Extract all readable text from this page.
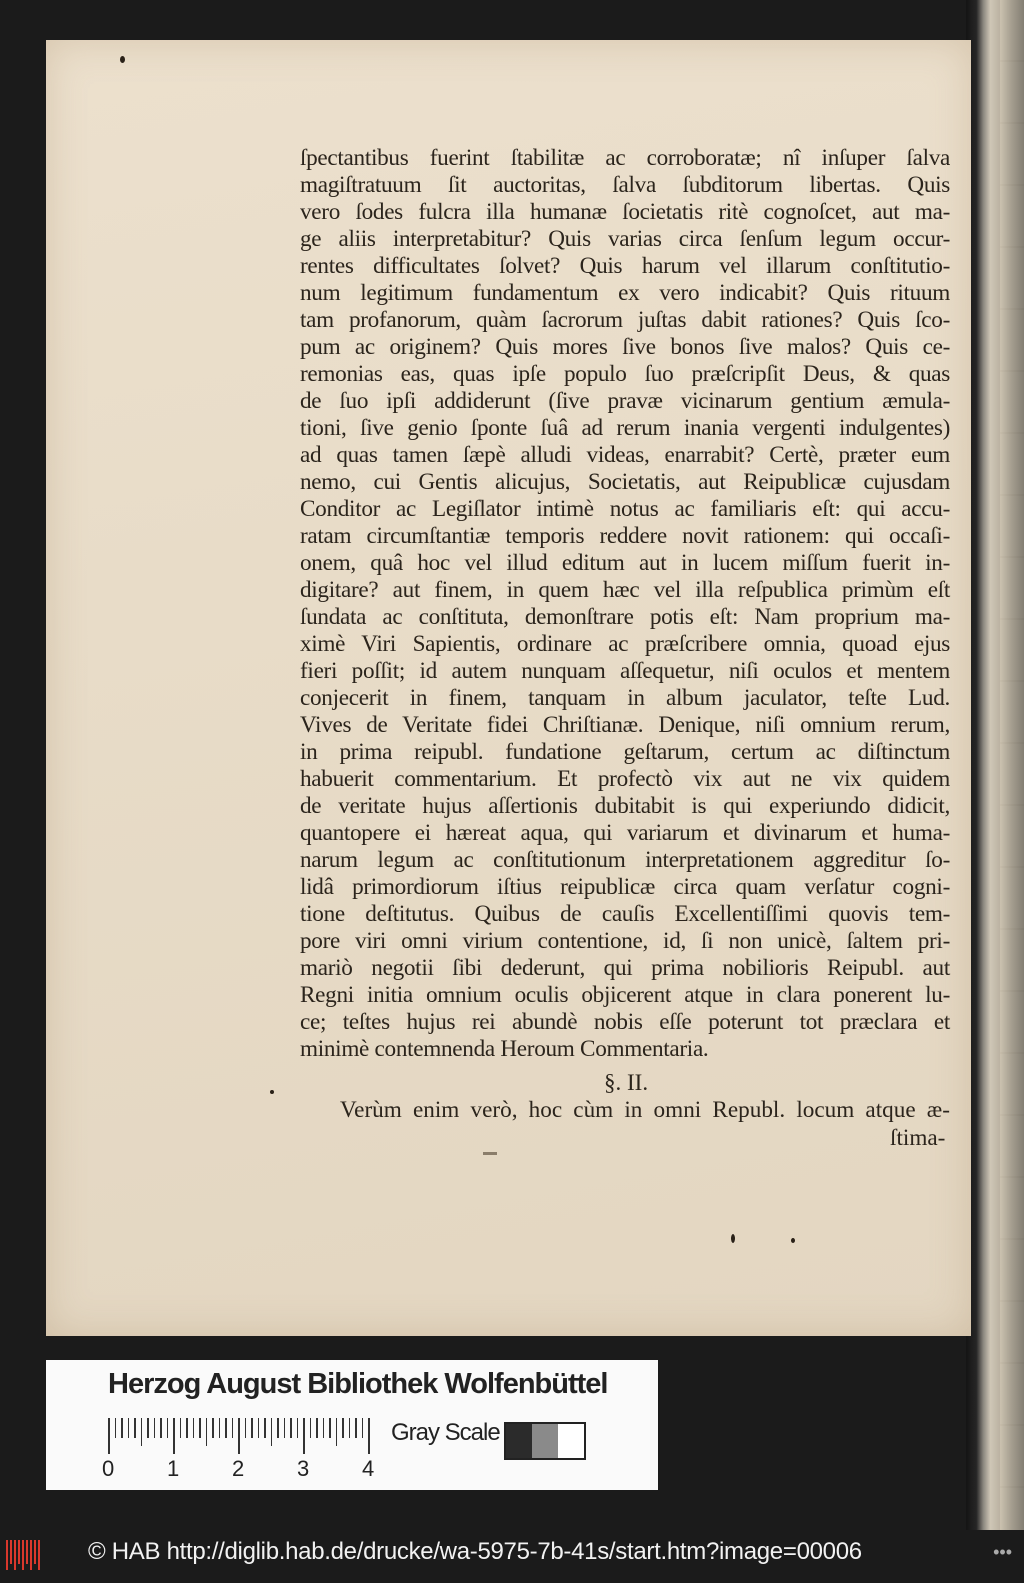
ſpectantibus fuerint ſtabilitæ ac corroboratæ; nî inſuper ſalva
magiſtratuum ſit auctoritas, ſalva ſubditorum libertas. Quis
vero ſodes fulcra illa humanæ ſocietatis ritè cognoſcet, aut ma-
ge aliis interpretabitur? Quis varias circa ſenſum legum occur-
rentes difficultates ſolvet? Quis harum vel illarum conſtitutio-
num legitimum fundamentum ex vero indicabit? Quis rituum
tam profanorum, quàm ſacrorum juſtas dabit rationes? Quis ſco-
pum ac originem? Quis mores ſive bonos ſive malos? Quis ce-
remonias eas, quas ipſe populo ſuo præſcripſit Deus, & quas
de ſuo ipſi addiderunt (ſive pravæ vicinarum gentium æmula-
tioni, ſive genio ſponte ſuâ ad rerum inania vergenti indulgentes)
ad quas tamen ſæpè alludi videas, enarrabit? Certè, præter eum
nemo, cui Gentis alicujus, Societatis, aut Reipublicæ cujusdam
Conditor ac Legiſlator intimè notus ac familiaris eſt: qui accu-
ratam circumſtantiæ temporis reddere novit rationem: qui occaſi-
onem, quâ hoc vel illud editum aut in lucem miſſum fuerit in-
digitare? aut finem, in quem hæc vel illa reſpublica primùm eſt
ſundata ac conſtituta, demonſtrare potis eſt: Nam proprium ma-
ximè Viri Sapientis, ordinare ac præſcribere omnia, quoad ejus
fieri poſſit; id autem nunquam aſſequetur, niſi oculos et mentem
conjecerit in finem, tanquam in album jaculator, teſte Lud.
Vives de Veritate fidei Chriſtianæ. Denique, niſi omnium rerum,
in prima reipubl. fundatione geſtarum, certum ac diſtinctum
habuerit commentarium. Et profectò vix aut ne vix quidem
de veritate hujus aſſertionis dubitabit is qui experiundo didicit,
quantopere ei hæreat aqua, qui variarum et divinarum et huma-
narum legum ac conſtitutionum interpretationem aggreditur ſo-
lidâ primordiorum iſtius reipublicæ circa quam verſatur cogni-
tione deſtitutus. Quibus de cauſis Excellentiſſimi quovis tem-
pore viri omni virium contentione, id, ſi non unicè, ſaltem pri-
mariò negotii ſibi dederunt, qui prima nobilioris Reipubl. aut
Regni initia omnium oculis objicerent atque in clara ponerent lu-
ce; teſtes hujus rei abundè nobis eſſe poterunt tot præclara et
minimè contemnenda Heroum Commentaria.
§. II.
Verùm enim verò, hoc cùm in omni Republ. locum atque æ-
ſtima-
Herzog August Bibliothek Wolfenbüttel
Gray Scale
0 1 2 3 4
© HAB http://diglib.hab.de/drucke/wa-5975-7b-41s/start.htm?image=00006	•••
